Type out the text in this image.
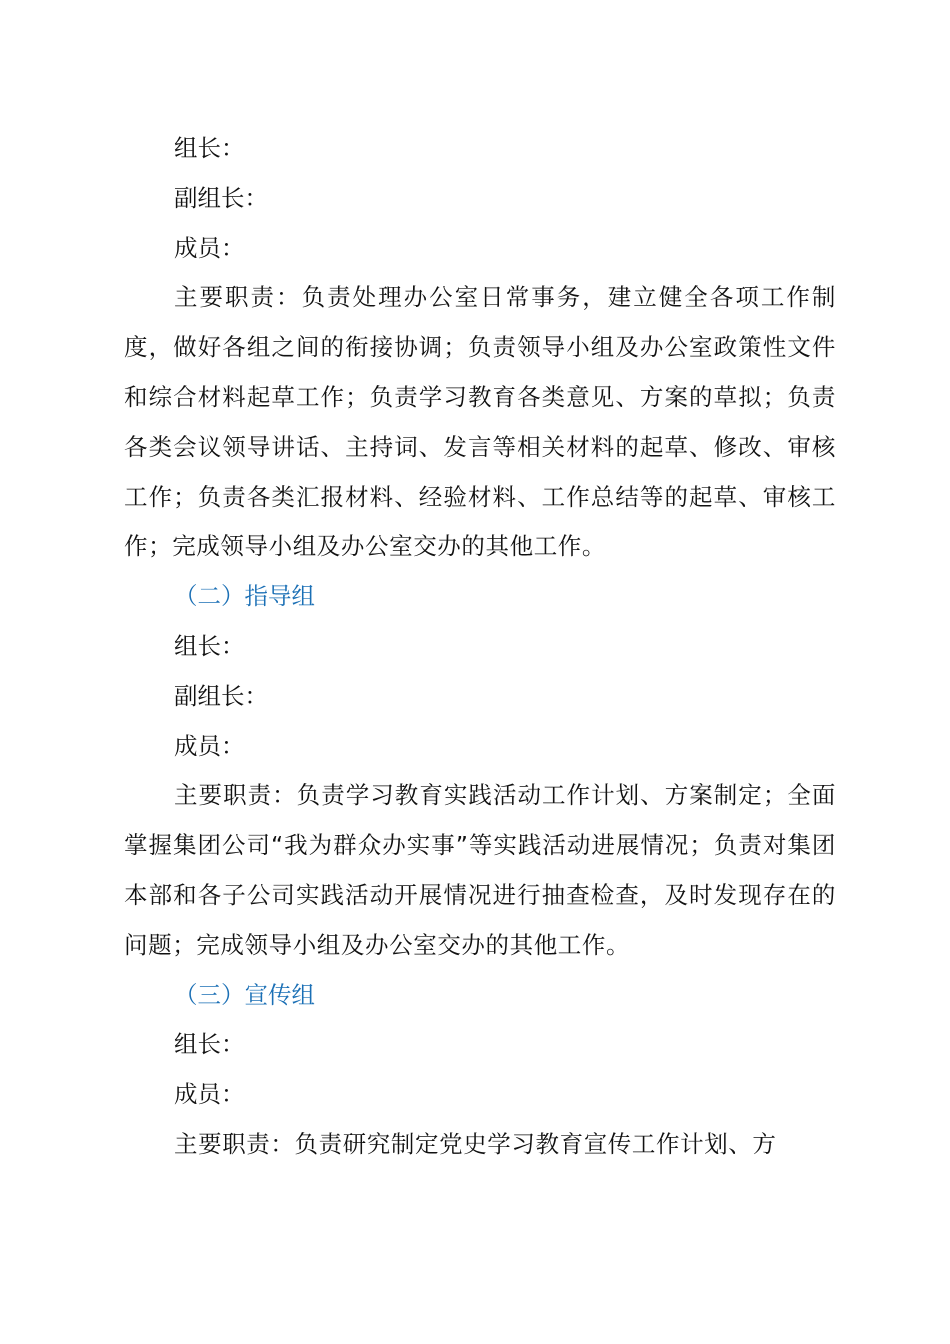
组长：

副组长：

成员：

主要职责：负责处理办公室日常事务，建立健全各项工作制度，做好各组之间的衔接协调；负责领导小组及办公室政策性文件和综合材料起草工作；负责学习教育各类意见、方案的草拟；负责各类会议领导讲话、主持词、发言等相关材料的起草、修改、审核工作；负责各类汇报材料、经验材料、工作总结等的起草、审核工作；完成领导小组及办公室交办的其他工作。

（二）指导组

组长：

副组长：

成员：

主要职责：负责学习教育实践活动工作计划、方案制定；全面掌握集团公司“我为群众办实事”等实践活动进展情况；负责对集团本部和各子公司实践活动开展情况进行抽查检查，及时发现存在的问题；完成领导小组及办公室交办的其他工作。

（三）宣传组

组长：

成员：

主要职责：负责研究制定党史学习教育宣传工作计划、方
